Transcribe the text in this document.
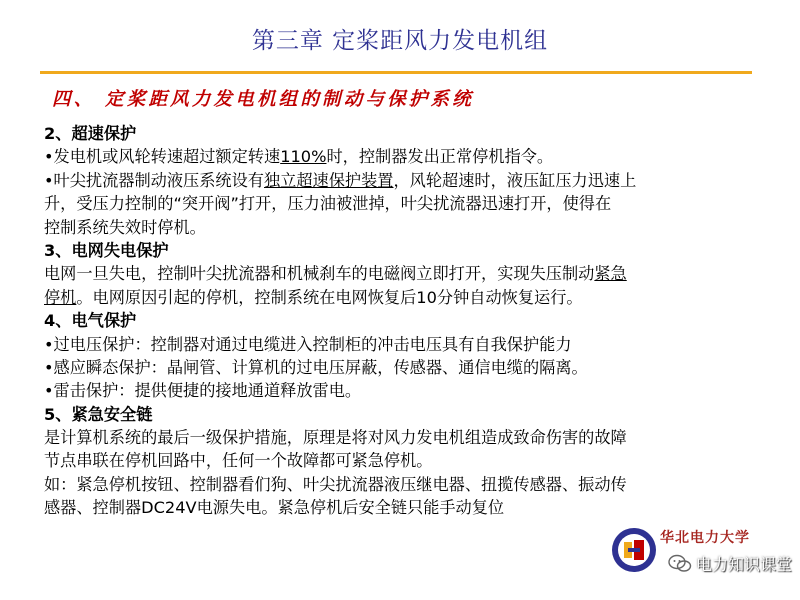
第三章 定桨距风力发电机组
四、 定桨距风力发电机组的制动与保护系统
2、超速保护
•发电机或风轮转速超过额定转速110%时，控制器发出正常停机指令。
•叶尖扰流器制动液压系统设有独立超速保护装置，风轮超速时，液压缸压力迅速上
升，受压力控制的“突开阀”打开，压力油被泄掉，叶尖扰流器迅速打开，使得在
控制系统失效时停机。
3、电网失电保护
电网一旦失电，控制叶尖扰流器和机械刹车的电磁阀立即打开，实现失压制动紧急
停机。电网原因引起的停机，控制系统在电网恢复后10分钟自动恢复运行。
4、电气保护
•过电压保护：控制器对通过电缆进入控制柜的冲击电压具有自我保护能力
•感应瞬态保护：晶闸管、计算机的过电压屏蔽，传感器、通信电缆的隔离。
•雷击保护：提供便捷的接地通道释放雷电。
5、紧急安全链
是计算机系统的最后一级保护措施，原理是将对风力发电机组造成致命伤害的故障
节点串联在停机回路中，任何一个故障都可紧急停机。
如：紧急停机按钮、控制器看们狗、叶尖扰流器液压继电器、扭揽传感器、振动传
感器、控制器DC24V电源失电。紧急停机后安全链只能手动复位
华北电力大学
电力知识课堂
